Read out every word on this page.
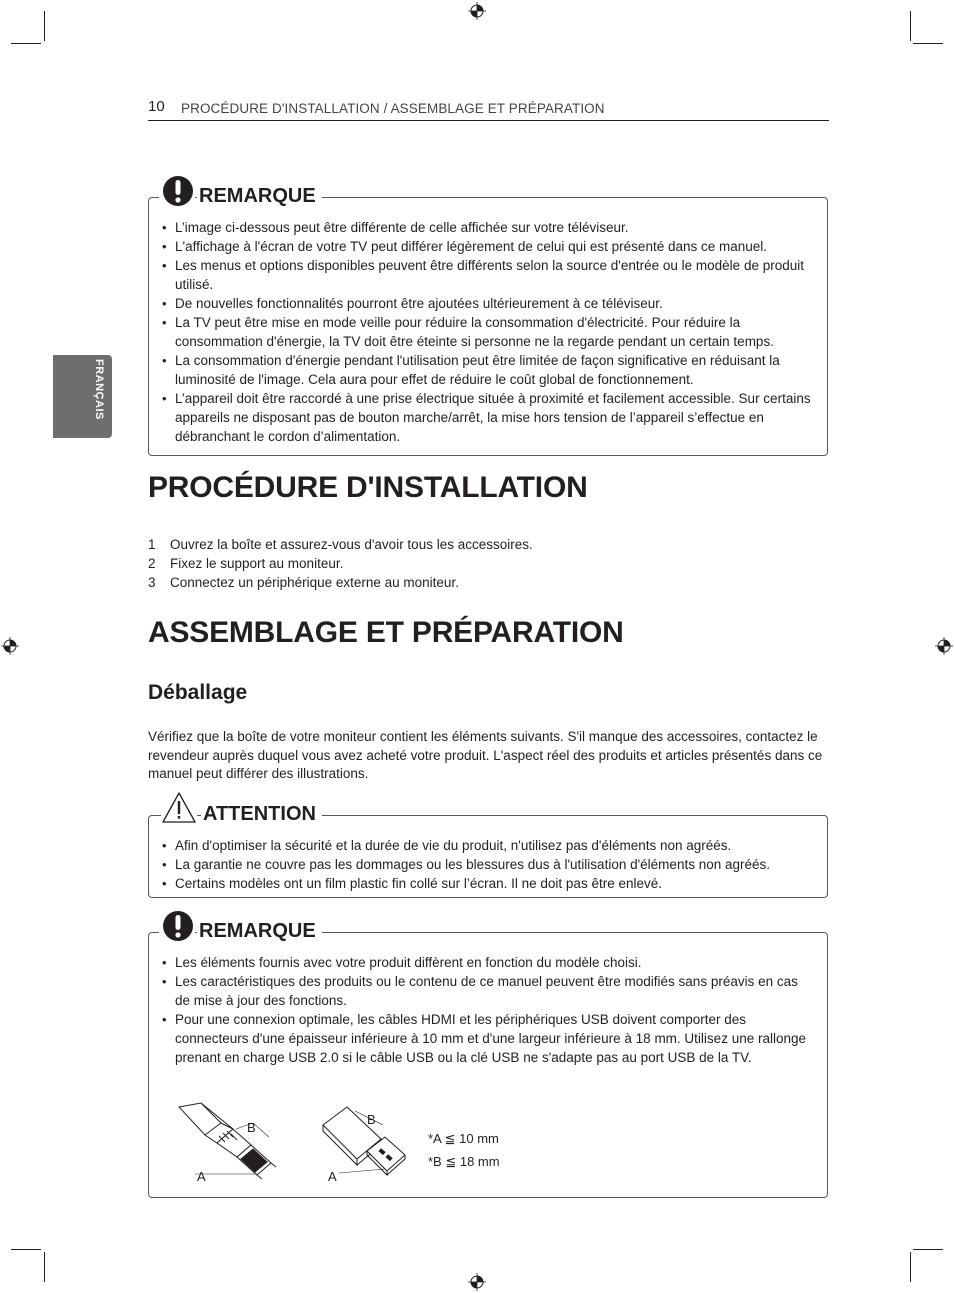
10 PROCÉDURE D'INSTALLATION / ASSEMBLAGE ET PRÉPARATION
FRANÇAIS
REMARQUE
• L’image ci-dessous peut être différente de celle affichée sur votre téléviseur.
• L'affichage à l'écran de votre TV peut différer légèrement de celui qui est présenté dans ce manuel.
• Les menus et options disponibles peuvent être différents selon la source d'entrée ou le modèle de produit utilisé.
• De nouvelles fonctionnalités pourront être ajoutées ultérieurement à ce téléviseur.
• La TV peut être mise en mode veille pour réduire la consommation d'électricité. Pour réduire la consommation d'énergie, la TV doit être éteinte si personne ne la regarde pendant un certain temps.
• La consommation d'énergie pendant l'utilisation peut être limitée de façon significative en réduisant la luminosité de l'image. Cela aura pour effet de réduire le coût global de fonctionnement.
• L’appareil doit être raccordé à une prise électrique située à proximité et facilement accessible. Sur certains appareils ne disposant pas de bouton marche/arrêt, la mise hors tension de l’appareil s’effectue en débranchant le cordon d’alimentation.
PROCÉDURE D'INSTALLATION
1 Ouvrez la boîte et assurez-vous d'avoir tous les accessoires.
2 Fixez le support au moniteur.
3 Connectez un périphérique externe au moniteur.
ASSEMBLAGE ET PRÉPARATION
Déballage
Vérifiez que la boîte de votre moniteur contient les éléments suivants. S'il manque des accessoires, contactez le revendeur auprès duquel vous avez acheté votre produit. L'aspect réel des produits et articles présentés dans ce manuel peut différer des illustrations.
ATTENTION
• Afin d'optimiser la sécurité et la durée de vie du produit, n'utilisez pas d'éléments non agréés.
• La garantie ne couvre pas les dommages ou les blessures dus à l'utilisation d'éléments non agréés.
• Certains modèles ont un film plastic fin collé sur l’écran. Il ne doit pas être enlevé.
REMARQUE
• Les éléments fournis avec votre produit diffèrent en fonction du modèle choisi.
• Les caractéristiques des produits ou le contenu de ce manuel peuvent être modifiés sans préavis en cas de mise à jour des fonctions.
• Pour une connexion optimale, les câbles HDMI et les périphériques USB doivent comporter des connecteurs d'une épaisseur inférieure à 10 mm et d'une largeur inférieure à 18 mm. Utilisez une rallonge prenant en charge USB 2.0 si le câble USB ou la clé USB ne s'adapte pas au port USB de la TV.
B
A
B
A
*A ≦ 10 mm
*B ≦ 18 mm
